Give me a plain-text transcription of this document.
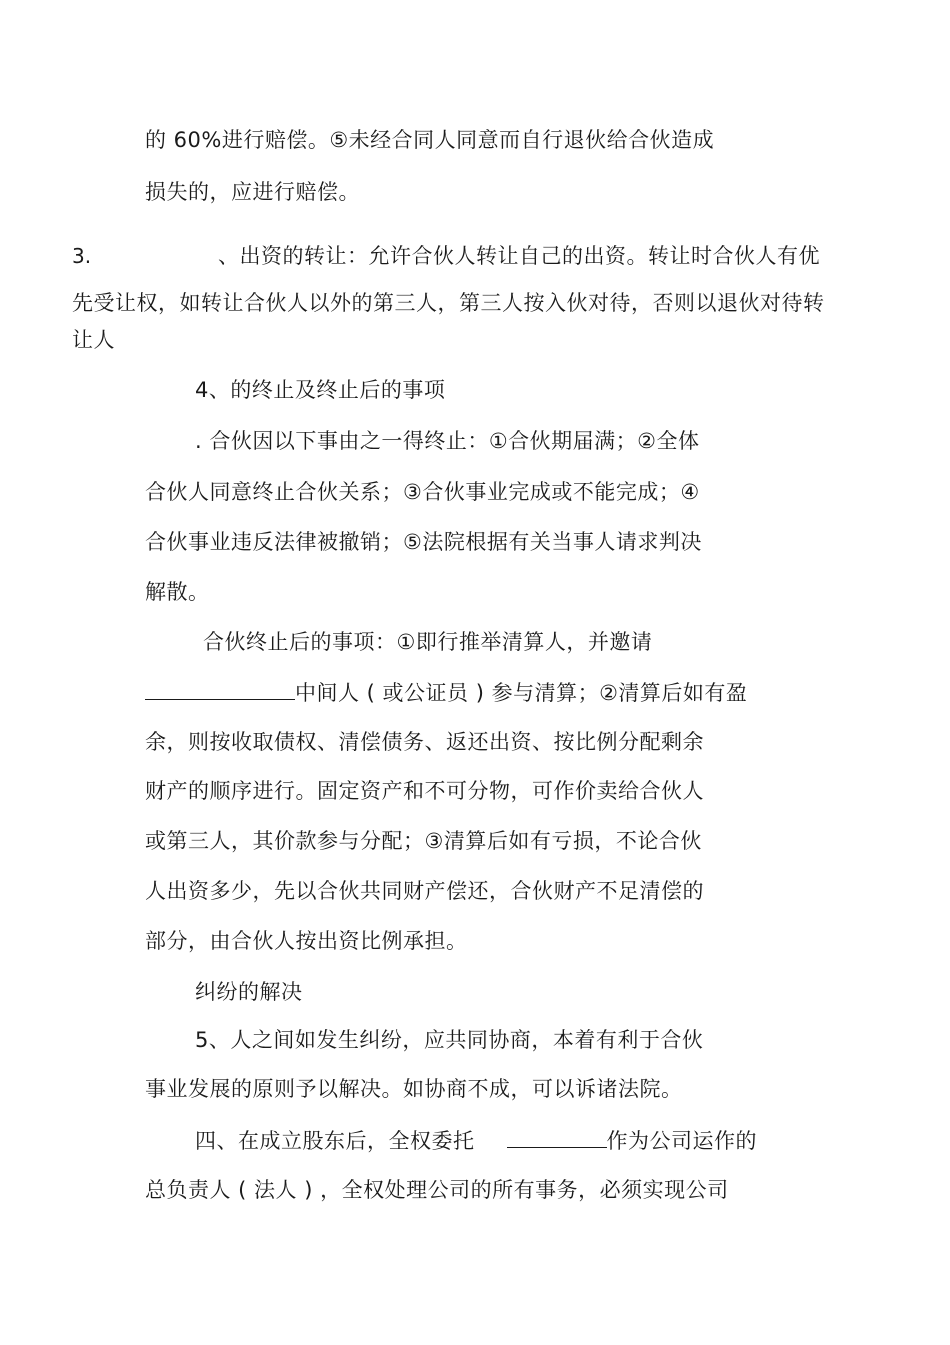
的 60%进行赔偿。⑤未经合同人同意而自行退伙给合伙造成
损失的，应进行赔偿。
3.	、出资的转让：允许合伙人转让自己的出资。转让时合伙人有优
先受让权，如转让合伙人以外的第三人，第三人按入伙对待，否则以退伙对待转
让人
4、的终止及终止后的事项
. 合伙因以下事由之一得终止：①合伙期届满；②全体
合伙人同意终止合伙关系；③合伙事业完成或不能完成；④
合伙事业违反法律被撤销；⑤法院根据有关当事人请求判决
解散。
合伙终止后的事项：①即行推举清算人，并邀请
中间人 ( 或公证员 ) 参与清算；②清算后如有盈
余，则按收取债权、清偿债务、返还出资、按比例分配剩余
财产的顺序进行。固定资产和不可分物，可作价卖给合伙人
或第三人，其价款参与分配；③清算后如有亏损，不论合伙
人出资多少，先以合伙共同财产偿还，合伙财产不足清偿的
部分，由合伙人按出资比例承担。
纠纷的解决
5、人之间如发生纠纷，应共同协商，本着有利于合伙
事业发展的原则予以解决。如协商不成，可以诉诸法院。
四、在成立股东后，全权委托	作为公司运作的
总负责人 ( 法人 ) ，全权处理公司的所有事务，必须实现公司
